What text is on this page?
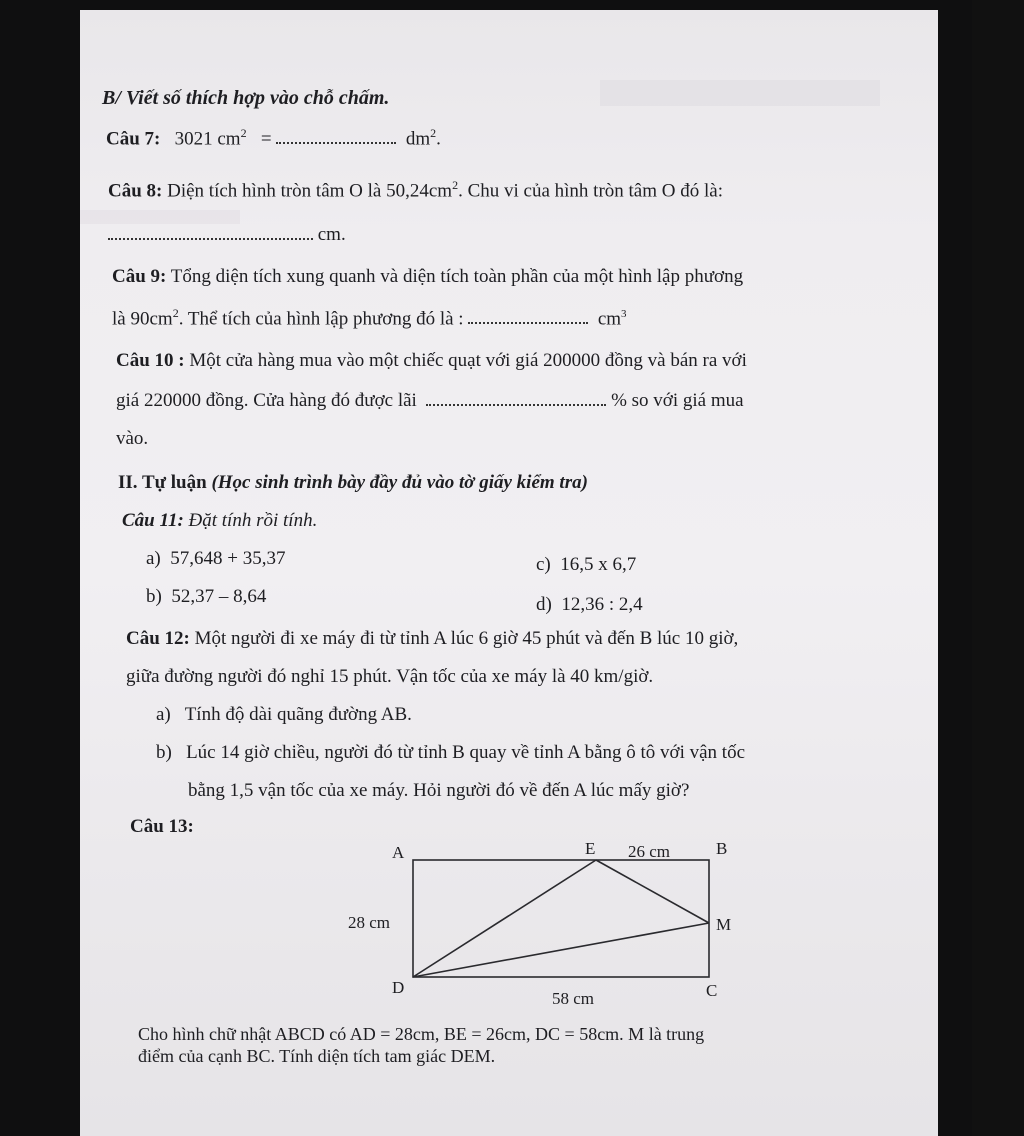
B/ Viết số thích hợp vào chỗ chấm.
Câu 7: 3021 $cm^2$ =	$dm^2$.
Câu 8: Diện tích hình tròn tâm O là $50,24cm^2$. Chu vi của hình tròn tâm O đó là:
cm.
Câu 9: Tổng diện tích xung quanh và diện tích toàn phần của một hình lập phương
là $90cm^2$. Thể tích của hình lập phương đó là :	$cm^3$
Câu 10 : Một cửa hàng mua vào một chiếc quạt với giá 200000 đồng và bán ra với
giá 220000 đồng. Cửa hàng đó được lãi	% so với giá mua
vào.
II. Tự luận (Học sinh trình bày đầy đủ vào tờ giấy kiểm tra)
Câu 11: Đặt tính rồi tính.
a) 57,648 + 35,37
b) 52,37 – 8,64
c) 16,5 x 6,7
d) 12,36 : 2,4
Câu 12: Một người đi xe máy đi từ tỉnh A lúc 6 giờ 45 phút và đến B lúc 10 giờ,
giữa đường người đó nghỉ 15 phút. Vận tốc của xe máy là 40 km/giờ.
a) Tính độ dài quãng đường AB.
b) Lúc 14 giờ chiều, người đó từ tỉnh B quay về tỉnh A bằng ô tô với vận tốc
bằng 1,5 vận tốc của xe máy. Hỏi người đó về đến A lúc mấy giờ?
Câu 13:
A	E 26 cm	B
28 cm	M
D	C
58 cm
Cho hình chữ nhật ABCD có AD = 28cm, BE = 26cm, DC = 58cm. M là trung
điểm của cạnh BC. Tính diện tích tam giác DEM.
